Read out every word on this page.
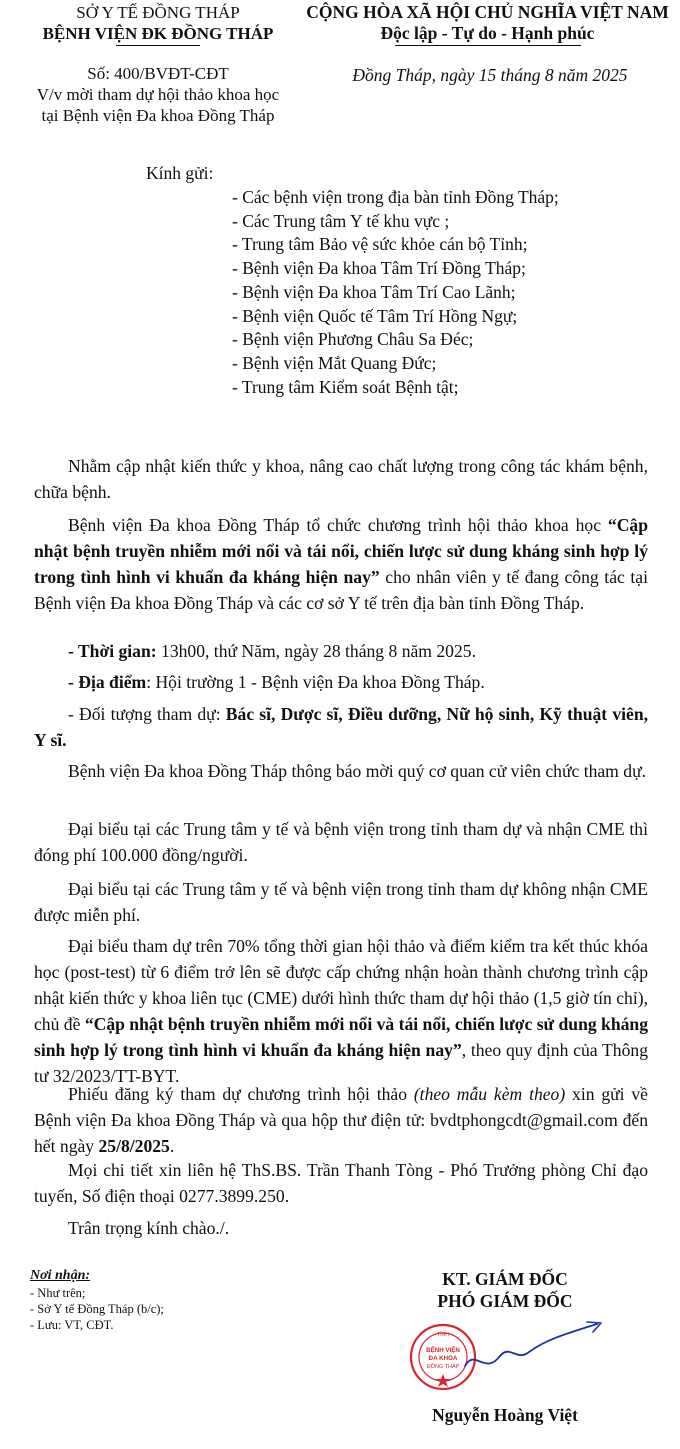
SỞ Y TẾ ĐỒNG THÁP
BỆNH VIỆN ĐK ĐỒNG THÁP
CỘNG HÒA XÃ HỘI CHỦ NGHĨA VIỆT NAM
Độc lập - Tự do - Hạnh phúc
Số: 400/BVĐT-CĐT
V/v mời tham dự hội thảo khoa học
tại Bệnh viện Đa khoa Đồng Tháp
Đồng Tháp, ngày 15 tháng 8 năm 2025
Kính gửi:
- Các bệnh viện trong địa bàn tỉnh Đồng Tháp;
- Các Trung tâm Y tế khu vực ;
- Trung tâm Bảo vệ sức khỏe cán bộ Tỉnh;
- Bệnh viện Đa khoa Tâm Trí Đồng Tháp;
- Bệnh viện Đa khoa Tâm Trí Cao Lãnh;
- Bệnh viện Quốc tế Tâm Trí Hồng Ngự;
- Bệnh viện Phương Châu Sa Đéc;
- Bệnh viện Mắt Quang Đức;
- Trung tâm Kiểm soát Bệnh tật;
Nhằm cập nhật kiến thức y khoa, nâng cao chất lượng trong công tác khám bệnh, chữa bệnh.
Bệnh viện Đa khoa Đồng Tháp tổ chức chương trình hội thảo khoa học “Cập nhật bệnh truyền nhiễm mới nổi và tái nổi, chiến lược sử dung kháng sinh hợp lý trong tình hình vi khuẩn đa kháng hiện nay” cho nhân viên y tế đang công tác tại Bệnh viện Đa khoa Đồng Tháp và các cơ sở Y tế trên địa bàn tỉnh Đồng Tháp.
- Thời gian: 13h00, thứ Năm, ngày 28 tháng 8 năm 2025.
- Địa điểm: Hội trường 1 - Bệnh viện Đa khoa Đồng Tháp.
- Đối tượng tham dự: Bác sĩ, Dược sĩ, Điều dưỡng, Nữ hộ sinh, Kỹ thuật viên, Y sĩ.
Bệnh viện Đa khoa Đồng Tháp thông báo mời quý cơ quan cử viên chức tham dự.
Đại biểu tại các Trung tâm y tế và bệnh viện trong tỉnh tham dự và nhận CME thì đóng phí 100.000 đồng/người.
Đại biểu tại các Trung tâm y tế và bệnh viện trong tỉnh tham dự không nhận CME được miễn phí.
Đại biểu tham dự trên 70% tổng thời gian hội thảo và điểm kiểm tra kết thúc khóa học (post-test) từ 6 điểm trở lên sẽ được cấp chứng nhận hoàn thành chương trình cập nhật kiến thức y khoa liên tục (CME) dưới hình thức tham dự hội thảo (1,5 giờ tín chỉ), chủ đề “Cập nhật bệnh truyền nhiễm mới nổi và tái nổi, chiến lược sử dung kháng sinh hợp lý trong tình hình vi khuẩn đa kháng hiện nay”, theo quy định của Thông tư 32/2023/TT-BYT.
Phiếu đăng ký tham dự chương trình hội thảo (theo mẫu kèm theo) xin gửi về Bệnh viện Đa khoa Đồng Tháp và qua hộp thư điện tử: bvdtphongcdt@gmail.com đến hết ngày 25/8/2025.
Mọi chi tiết xin liên hệ ThS.BS. Trần Thanh Tòng - Phó Trưởng phòng Chỉ đạo tuyến, Số điện thoại 0277.3899.250.
Trân trọng kính chào./.
Nơi nhận:
- Như trên;
- Sở Y tế Đồng Tháp (b/c);
- Lưu: VT, CĐT.
KT. GIÁM ĐỐC
PHÓ GIÁM ĐỐC
TỈNH
BỆNH VIỆN
ĐA KHOA
ĐỒNG THÁP
Nguyễn Hoàng Việt
